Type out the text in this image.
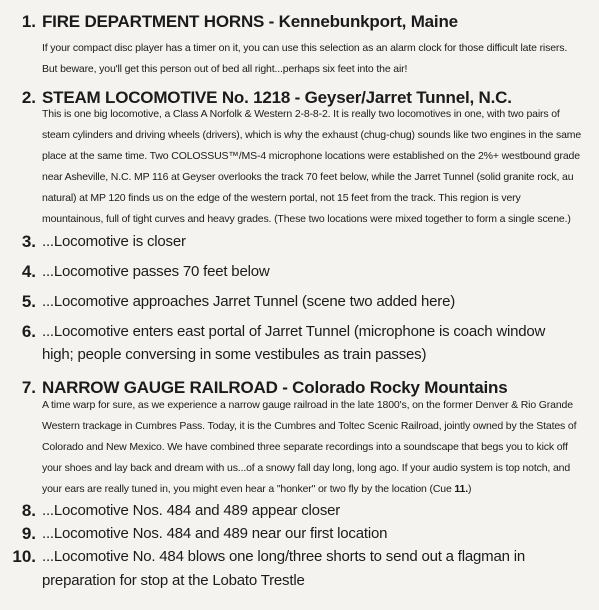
1. FIRE DEPARTMENT HORNS - Kennebunkport, Maine
If your compact disc player has a timer on it, you can use this selection as an alarm clock for those difficult late risers.
But beware, you'll get this person out of bed all right...perhaps six feet into the air!
2. STEAM LOCOMOTIVE No. 1218 - Geyser/Jarret Tunnel, N.C.
This is one big locomotive, a Class A Norfolk & Western 2-8-8-2. It is really two locomotives in one, with two pairs of
steam cylinders and driving wheels (drivers), which is why the exhaust (chug-chug) sounds like two engines in the same
place at the same time. Two COLOSSUS™/MS-4 microphone locations were established on the 2%+ westbound grade
near Asheville, N.C. MP 116 at Geyser overlooks the track 70 feet below, while the Jarret Tunnel (solid granite rock, au
natural) at MP 120 finds us on the edge of the western portal, not 15 feet from the track. This region is very
mountainous, full of tight curves and heavy grades. (These two locations were mixed together to form a single scene.)
3. ...Locomotive is closer
4. ...Locomotive passes 70 feet below
5. ...Locomotive approaches Jarret Tunnel (scene two added here)
6. ...Locomotive enters east portal of Jarret Tunnel (microphone is coach window
high; people conversing in some vestibules as train passes)
7. NARROW GAUGE RAILROAD - Colorado Rocky Mountains
A time warp for sure, as we experience a narrow gauge railroad in the late 1800's, on the former Denver & Rio Grande
Western trackage in Cumbres Pass. Today, it is the Cumbres and Toltec Scenic Railroad, jointly owned by the States of
Colorado and New Mexico. We have combined three separate recordings into a soundscape that begs you to kick off
your shoes and lay back and dream with us...of a snowy fall day long, long ago. If your audio system is top notch, and
your ears are really tuned in, you might even hear a "honker" or two fly by the location (Cue 11.)
8. ...Locomotive Nos. 484 and 489 appear closer
9. ...Locomotive Nos. 484 and 489 near our first location
10. ...Locomotive No. 484 blows one long/three shorts to send out a flagman in
preparation for stop at the Lobato Trestle
